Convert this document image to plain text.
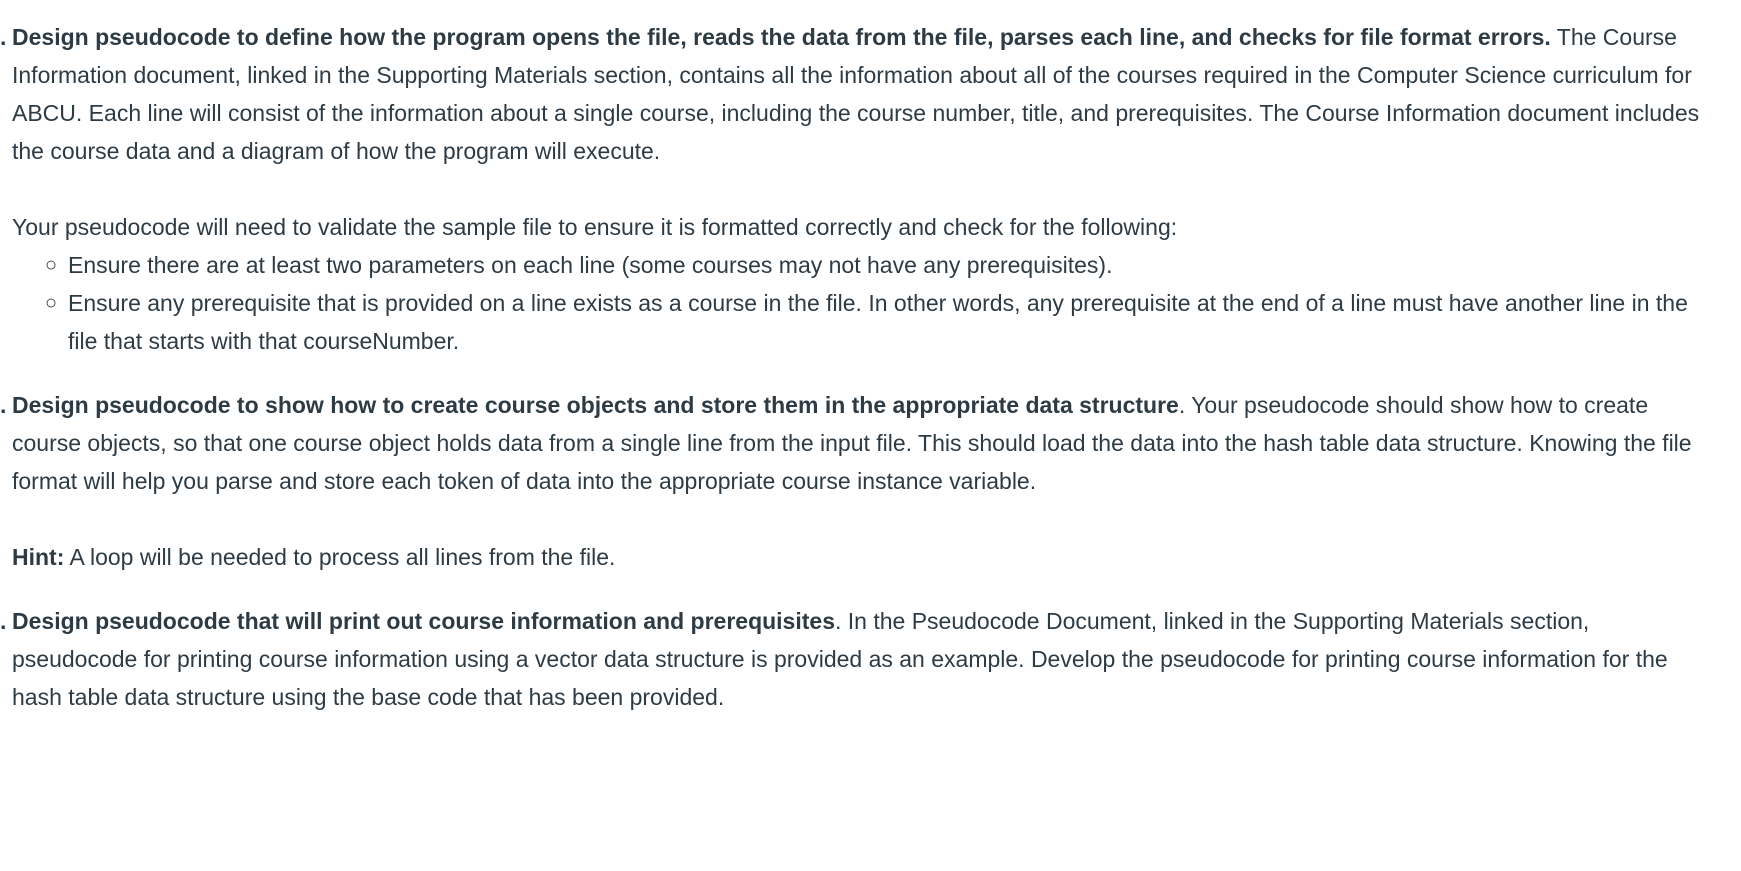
. Design pseudocode to define how the program opens the file, reads the data from the file, parses each line, and checks for file format errors. The Course Information document, linked in the Supporting Materials section, contains all the information about all of the courses required in the Computer Science curriculum for ABCU. Each line will consist of the information about a single course, including the course number, title, and prerequisites. The Course Information document includes the course data and a diagram of how the program will execute.

Your pseudocode will need to validate the sample file to ensure it is formatted correctly and check for the following:

○ Ensure there are at least two parameters on each line (some courses may not have any prerequisites).
○ Ensure any prerequisite that is provided on a line exists as a course in the file. In other words, any prerequisite at the end of a line must have another line in the file that starts with that courseNumber.
. Design pseudocode to show how to create course objects and store them in the appropriate data structure. Your pseudocode should show how to create course objects, so that one course object holds data from a single line from the input file. This should load the data into the hash table data structure. Knowing the file format will help you parse and store each token of data into the appropriate course instance variable.

Hint: A loop will be needed to process all lines from the file.

. Design pseudocode that will print out course information and prerequisites. In the Pseudocode Document, linked in the Supporting Materials section, pseudocode for printing course information using a vector data structure is provided as an example. Develop the pseudocode for printing course information for the hash table data structure using the base code that has been provided.
